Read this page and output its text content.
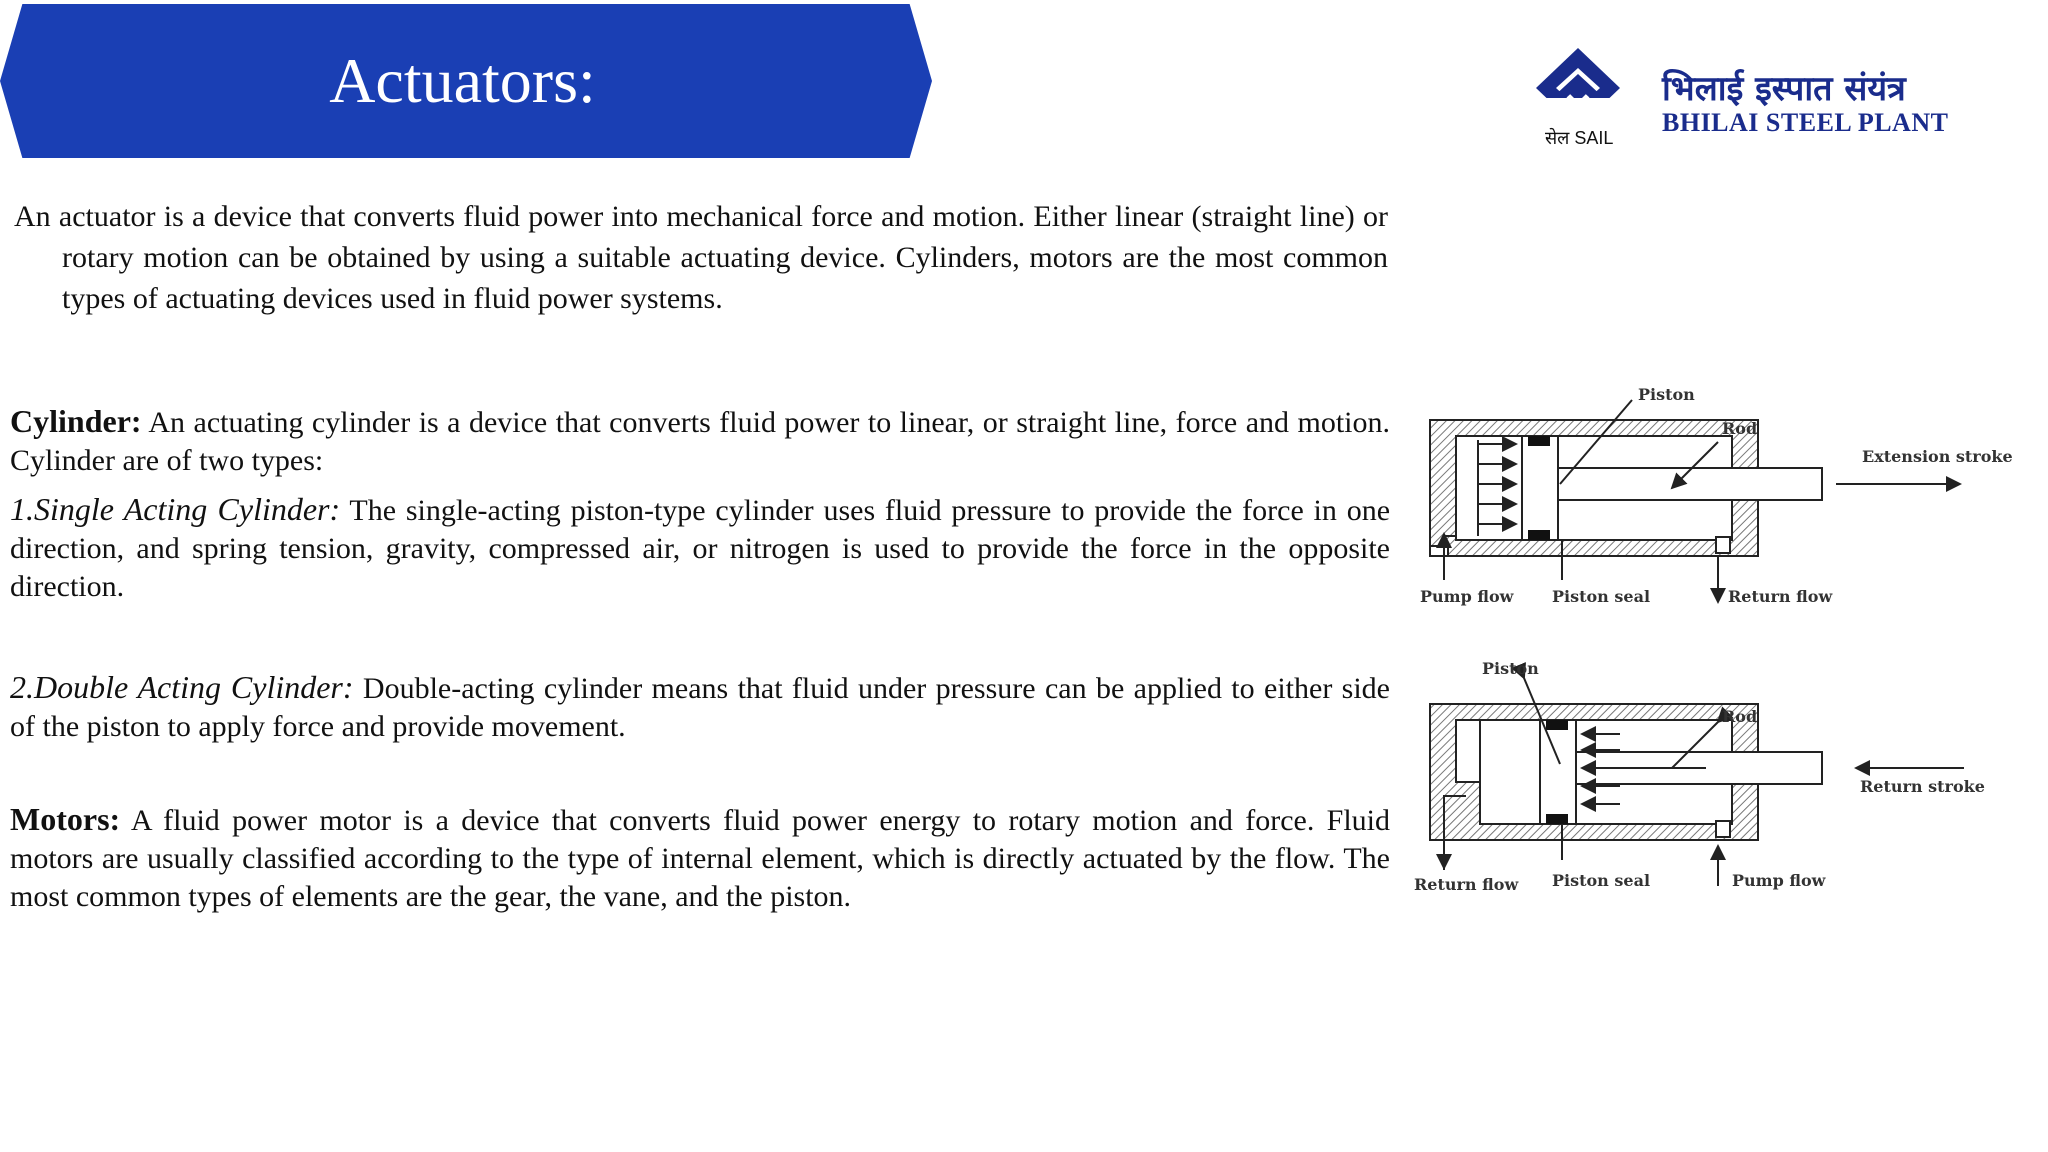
Actuators:
सेल SAIL
भिलाई इस्पात संयंत्र
BHILAI STEEL PLANT
An actuator is a device that converts fluid power into mechanical force and motion. Either linear (straight line) or rotary motion can be obtained by using a suitable actuating device. Cylinders, motors are the most common types of actuating devices used in fluid power systems.
Cylinder: An actuating cylinder is a device that converts fluid power to linear, or straight line, force and motion. Cylinder are of two types:
1.Single Acting Cylinder: The single-acting piston-type cylinder uses fluid pressure to provide the force in one direction, and spring tension, gravity, compressed air, or nitrogen is used to provide the force in the opposite direction.
2.Double Acting Cylinder: Double-acting cylinder means that fluid under pressure can be applied to either side of the piston to apply force and provide movement.
Motors: A fluid power motor is a device that converts fluid power energy to rotary motion and force. Fluid motors are usually classified according to the type of internal element, which is directly actuated by the flow. The most common types of elements are the gear, the vane, and the piston.
Piston
Rod
Extension stroke
Pump flow Piston seal	Return flow
Piston
Rod
Return stroke
Return flow Piston seal	Pump flow
